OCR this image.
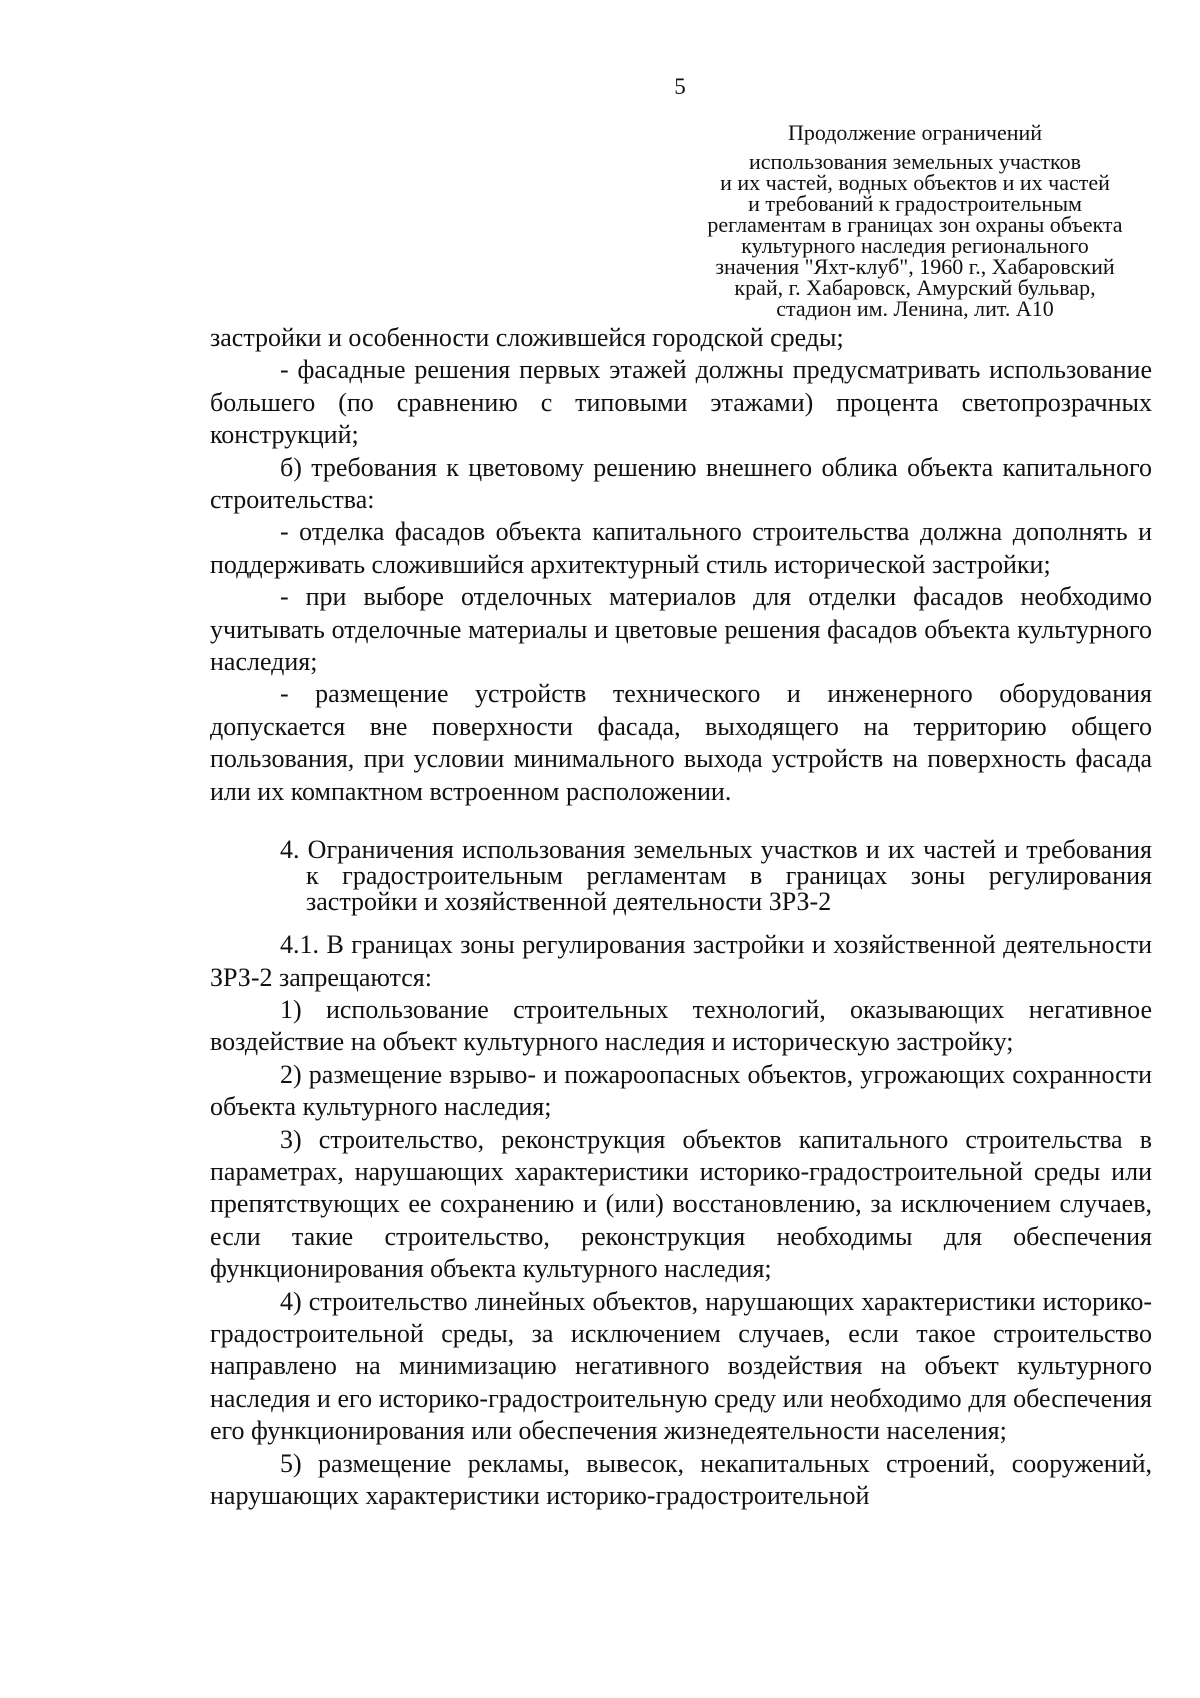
5
Продолжение ограничений
использования земельных участков
и их частей, водных объектов и их частей
и требований к градостроительным
регламентам в границах зон охраны объекта
культурного наследия регионального
значения "Яхт-клуб", 1960 г., Хабаровский
край, г. Хабаровск, Амурский бульвар,
стадион им. Ленина, лит. А10

застройки и особенности сложившейся городской среды;

- фасадные решения первых этажей должны предусматривать использование большего (по сравнению с типовыми этажами) процента светопрозрачных конструкций;

б) требования к цветовому решению внешнего облика объекта капитального строительства:

- отделка фасадов объекта капитального строительства должна дополнять и поддерживать сложившийся архитектурный стиль исторической застройки;

- при выборе отделочных материалов для отделки фасадов необходимо учитывать отделочные материалы и цветовые решения фасадов объекта культурного наследия;

- размещение устройств технического и инженерного оборудования допускается вне поверхности фасада, выходящего на территорию общего пользования, при условии минимального выхода устройств на поверхность фасада или их компактном встроенном расположении.

4. Ограничения использования земельных участков и их частей и требования к градостроительным регламентам в границах зоны регулирования застройки и хозяйственной деятельности ЗРЗ-2

4.1. В границах зоны регулирования застройки и хозяйственной деятельности ЗРЗ-2 запрещаются:

1) использование строительных технологий, оказывающих негативное воздействие на объект культурного наследия и историческую застройку;

2) размещение взрыво- и пожароопасных объектов, угрожающих сохранности объекта культурного наследия;

3) строительство, реконструкция объектов капитального строительства в параметрах, нарушающих характеристики историко-градостроительной среды или препятствующих ее сохранению и (или) восстановлению, за исключением случаев, если такие строительство, реконструкция необходимы для обеспечения функционирования объекта культурного наследия;

4) строительство линейных объектов, нарушающих характеристики историко-градостроительной среды, за исключением случаев, если такое строительство направлено на минимизацию негативного воздействия на объект культурного наследия и его историко-градостроительную среду или необходимо для обеспечения его функционирования или обеспечения жизнедеятельности населения;

5) размещение рекламы, вывесок, некапитальных строений, сооружений, нарушающих характеристики историко-градостроительной
